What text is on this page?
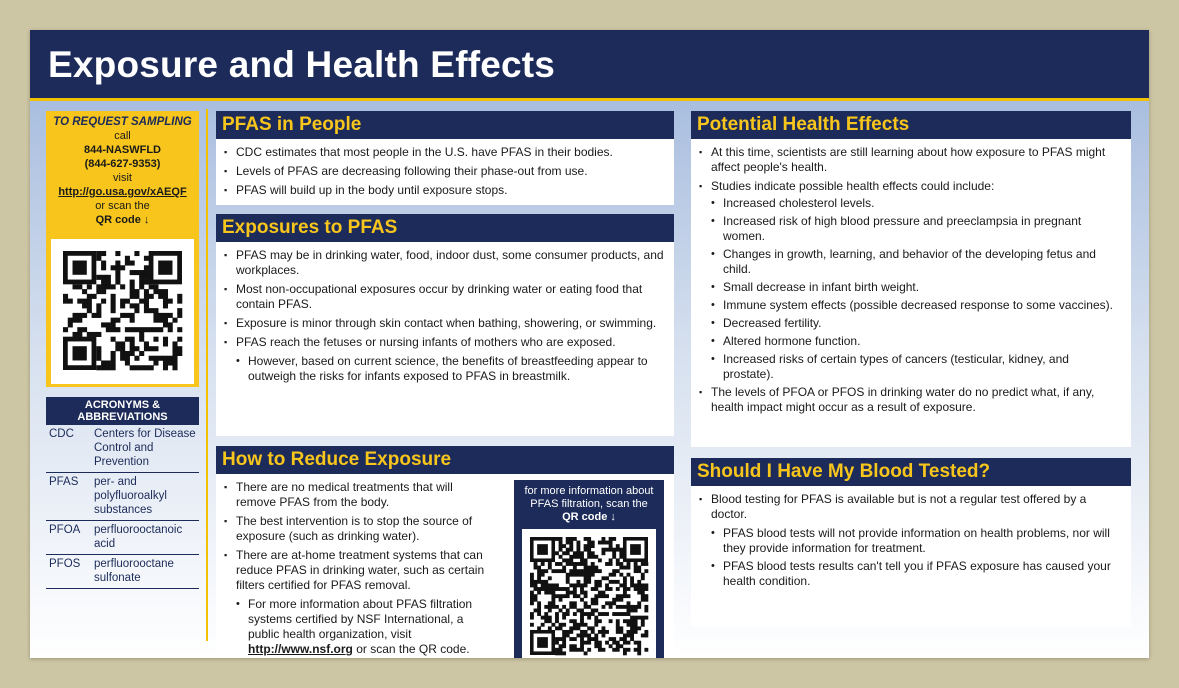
Exposure and Health Effects
TO REQUEST SAMPLING
call
844-NASWFLD
(844-627-9353)
visit
http://go.usa.gov/xAEQF
or scan the
QR code ↓
ACRONYMS &
ABBREVIATIONS
CDC	Centers for Disease Control and Prevention
PFAS	per- and polyfluoroalkyl substances
PFOA	perfluorooctanoic acid
PFOS	perfluorooctane sulfonate
PFAS in People
▪ CDC estimates that most people in the U.S. have PFAS in their bodies.
▪ Levels of PFAS are decreasing following their phase-out from use.
▪ PFAS will build up in the body until exposure stops.
Exposures to PFAS
▪ PFAS may be in drinking water, food, indoor dust, some consumer products, and workplaces.
▪ Most non-occupational exposures occur by drinking water or eating food that contain PFAS.
▪ Exposure is minor through skin contact when bathing, showering, or swimming.
▪ PFAS reach the fetuses or nursing infants of mothers who are exposed.
• However, based on current science, the benefits of breastfeeding appear to outweigh the risks for infants exposed to PFAS in breastmilk.
How to Reduce Exposure
▪ There are no medical treatments that will remove PFAS from the body.
▪ The best intervention is to stop the source of exposure (such as drinking water).
▪ There are at-home treatment systems that can reduce PFAS in drinking water, such as certain filters certified for PFAS removal.
• For more information about PFAS filtration systems certified by NSF International, a public health organization, visit http://www.nsf.org or scan the QR code.
for more information about
PFAS filtration, scan the
QR code ↓
Potential Health Effects
▪ At this time, scientists are still learning about how exposure to PFAS might affect people's health.
▪ Studies indicate possible health effects could include:
• Increased cholesterol levels.
• Increased risk of high blood pressure and preeclampsia in pregnant women.
• Changes in growth, learning, and behavior of the developing fetus and child.
• Small decrease in infant birth weight.
• Immune system effects (possible decreased response to some vaccines).
• Decreased fertility.
• Altered hormone function.
• Increased risks of certain types of cancers (testicular, kidney, and prostate).
▪ The levels of PFOA or PFOS in drinking water do no predict what, if any, health impact might occur as a result of exposure.
Should I Have My Blood Tested?
▪ Blood testing for PFAS is available but is not a regular test offered by a doctor.
• PFAS blood tests will not provide information on health problems, nor will they provide information for treatment.
• PFAS blood tests results can't tell you if PFAS exposure has caused your health condition.
